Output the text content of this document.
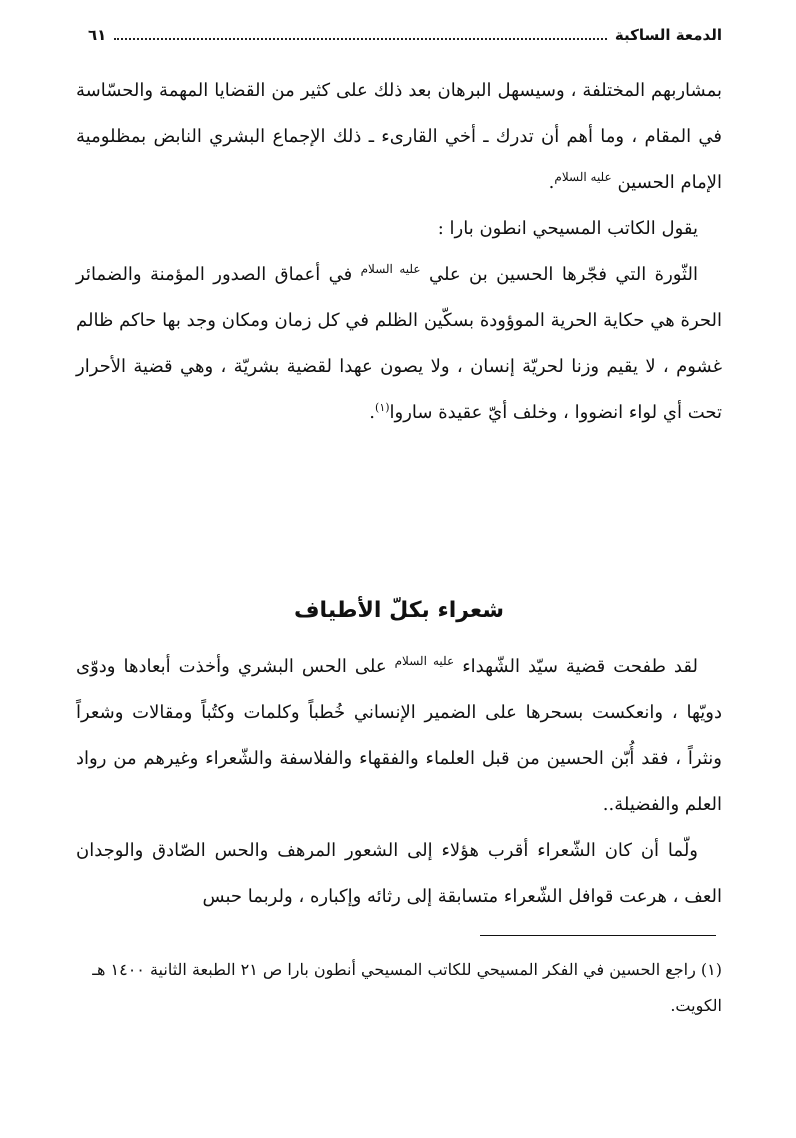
الدمعة الساكبة
٦١

بمشاربهم المختلفة ، وسيسهل البرهان بعد ذلك على كثير من القضايا المهمة والحسّاسة في المقام ، وما أهم أن تدرك ـ أخي القارىء ـ ذلك الإجماع البشري النابض بمظلومية الإمام الحسين $^{عليه السلام}$.

يقول الكاتب المسيحي انطون بارا :

الثّورة التي فجّرها الحسين بن علي $^{عليه السلام}$ في أعماق الصدور المؤمنة والضمائر الحرة هي حكاية الحرية الموؤودة بسكّين الظلم في كل زمان ومكان وجد بها حاكم ظالم غشوم ، لا يقيم وزنا لحريّة إنسان ، ولا يصون عهدا لقضية بشريّة ، وهي قضية الأحرار تحت أي لواء انضووا ، وخلف أيّ عقيدة ساروا$^{(١)}$.

شعراء بكلّ الأطياف

لقد طفحت قضية سيّد الشّهداء $^{عليه السلام}$ على الحس البشري وأخذت أبعادها ودوّى دويّها ، وانعكست بسحرها على الضمير الإنساني خُطباً وكلمات وكتُباً ومقالات وشعراً ونثراً ، فقد أُبّن الحسين من قبل العلماء والفقهاء والفلاسفة والشّعراء وغيرهم من رواد العلم والفضيلة..

ولّما أن كان الشّعراء أقرب هؤلاء إلى الشعور المرهف والحس الصّادق والوجدان العف ، هرعت قوافل الشّعراء متسابقة إلى رثائه وإكباره ، ولربما حبس

(١) راجع الحسين في الفكر المسيحي للكاتب المسيحي أنطون بارا ص ٢١ الطبعة الثانية ١٤٠٠ هـ الكويت.
